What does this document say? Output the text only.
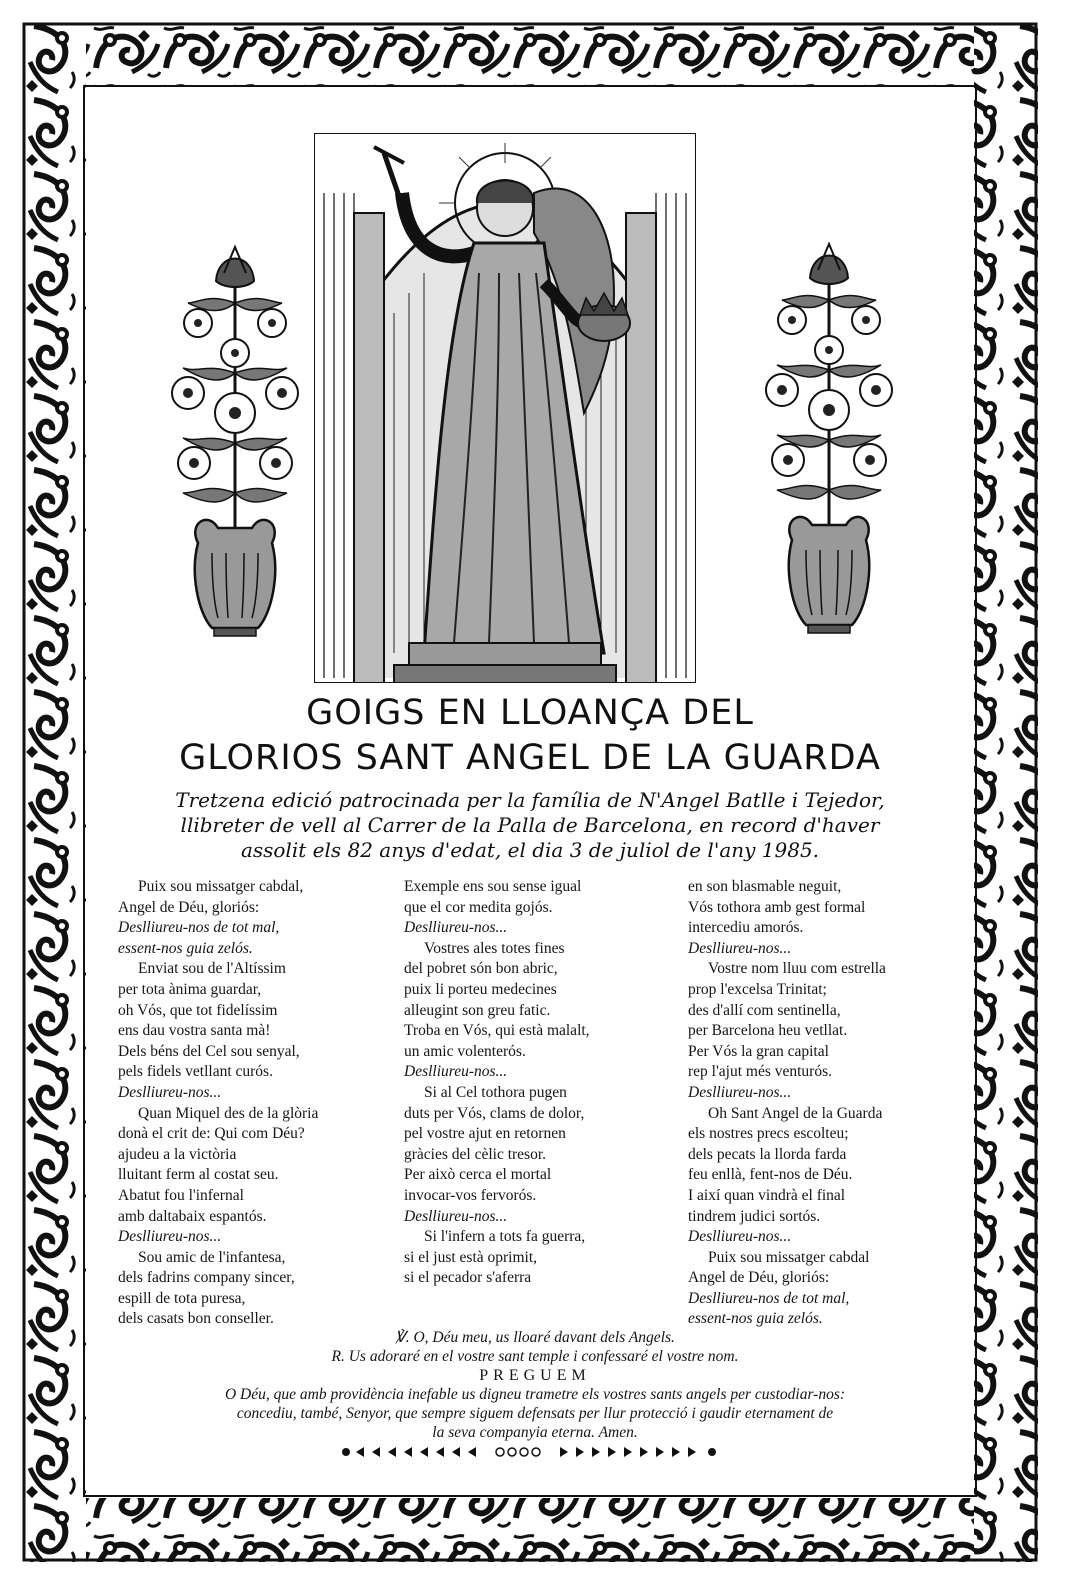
GOIGS EN LLOANÇA DEL
GLORIOS SANT ANGEL DE LA GUARDA
Tretzena edició patrocinada per la família de N'Angel Batlle i Tejedor,
llibreter de vell al Carrer de la Palla de Barcelona, en record d'haver
assolit els 82 anys d'edat, el dia 3 de juliol de l'any 1985.
Puix sou missatger cabdal,
Angel de Déu, gloriós:
Deslliureu-nos de tot mal,
essent-nos guia zelós.
Enviat sou de l'Altíssim
per tota ànima guardar,
oh Vós, que tot fidelíssim
ens dau vostra santa mà!
Dels béns del Cel sou senyal,
pels fidels vetllant curós.
Deslliureu-nos...
Quan Miquel des de la glòria
donà el crit de: Qui com Déu?
ajudeu a la victòria
lluitant ferm al costat seu.
Abatut fou l'infernal
amb daltabaix espantós.
Deslliureu-nos...
Sou amic de l'infantesa,
dels fadrins company sincer,
espill de tota puresa,
dels casats bon conseller.
Exemple ens sou sense igual
que el cor medita gojós.
Deslliureu-nos...
Vostres ales totes fines
del pobret són bon abric,
puix li porteu medecines
alleugint son greu fatic.
Troba en Vós, qui està malalt,
un amic volenterós.
Deslliureu-nos...
Si al Cel tothora pugen
duts per Vós, clams de dolor,
pel vostre ajut en retornen
gràcies del cèlic tresor.
Per això cerca el mortal
invocar-vos fervorós.
Deslliureu-nos...
Si l'infern a tots fa guerra,
si el just està oprimit,
si el pecador s'aferra
en son blasmable neguit,
Vós tothora amb gest formal
intercediu amorós.
Deslliureu-nos...
Vostre nom lluu com estrella
prop l'excelsa Trinitat;
des d'allí com sentinella,
per Barcelona heu vetllat.
Per Vós la gran capital
rep l'ajut més venturós.
Deslliureu-nos...
Oh Sant Angel de la Guarda
els nostres precs escolteu;
dels pecats la llorda farda
feu enllà, fent-nos de Déu.
I així quan vindrà el final
tindrem judici sortós.
Deslliureu-nos...
Puix sou missatger cabdal
Angel de Déu, gloriós:
Deslliureu-nos de tot mal,
essent-nos guia zelós.
℣. O, Déu meu, us lloaré davant dels Angels.
R. Us adoraré en el vostre sant temple i confessaré el vostre nom.
PREGUEM
O Déu, que amb providència inefable us digneu trametre els vostres sants angels per custodiar-nos:
concediu, també, Senyor, que sempre siguem defensats per llur protecció i gaudir eternament de
la seva companyia eterna. Amen.
